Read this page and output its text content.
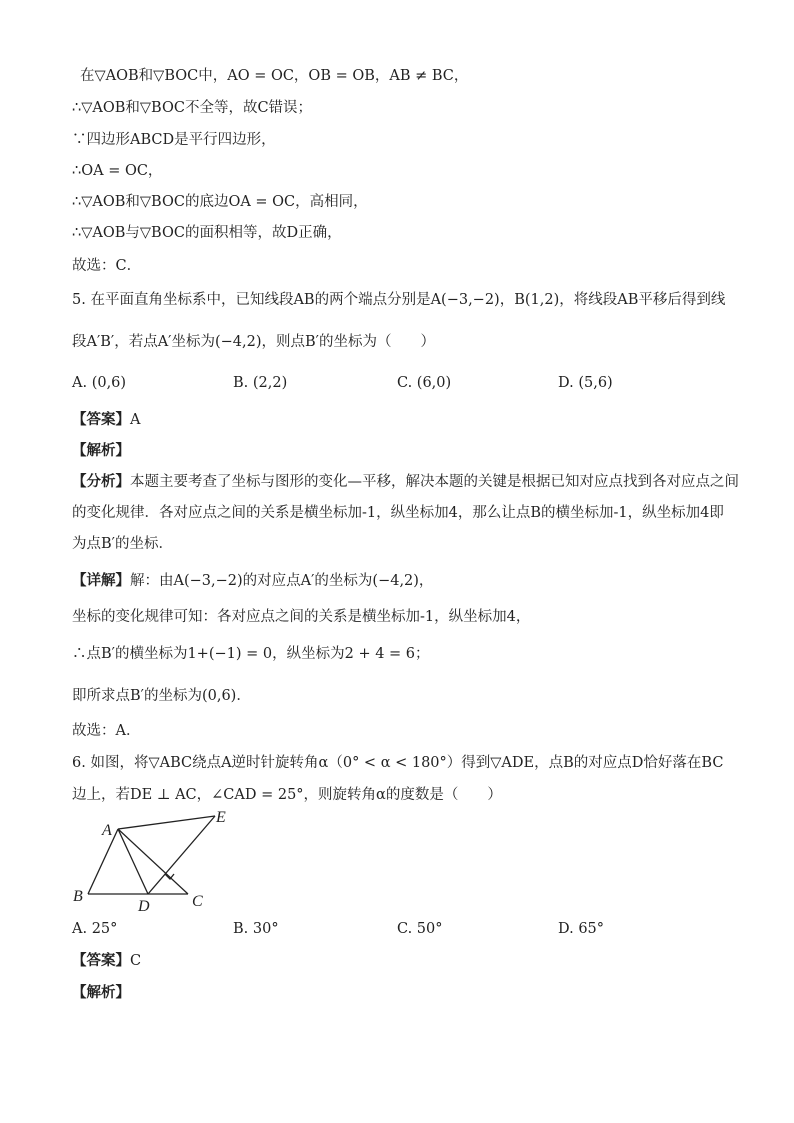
在▽AOB和▽BOC中，AO = OC，OB = OB，AB ≠ BC，
∴▽AOB和▽BOC不全等，故C错误；
∵四边形ABCD是平行四边形，
∴OA = OC，
∴▽AOB和▽BOC的底边OA = OC，高相同，
∴▽AOB与▽BOC的面积相等，故D正确，
故选：C．
5. 在平面直角坐标系中，已知线段AB的两个端点分别是A(−3,−2)，B(1,2)，将线段AB平移后得到线
段A′B′，若点A′坐标为(−4,2)，则点B′的坐标为（　　）
A. (0,6)	B. (2,2)	C. (6,0)	D. (5,6)
【答案】A
【解析】
【分析】本题主要考查了坐标与图形的变化—平移，解决本题的关键是根据已知对应点找到各对应点之间
的变化规律．各对应点之间的关系是横坐标加-1，纵坐标加4，那么让点B的横坐标加-1，纵坐标加4即
为点B′的坐标．
【详解】解：由A(−3,−2)的对应点A′的坐标为(−4,2)，
坐标的变化规律可知：各对应点之间的关系是横坐标加-1，纵坐标加4，
∴点B′的横坐标为1+(−1) = 0，纵坐标为2 + 4 = 6；
即所求点B′的坐标为(0,6)．
故选：A．
6. 如图，将▽ABC绕点A逆时针旋转角α（0° < α < 180°）得到▽ADE，点B的对应点D恰好落在BC
边上，若DE ⊥ AC，∠CAD = 25°，则旋转角α的度数是（　　）
A
B	C
D
E
A. 25°	B. 30°	C. 50°	D. 65°
【答案】C
【解析】
